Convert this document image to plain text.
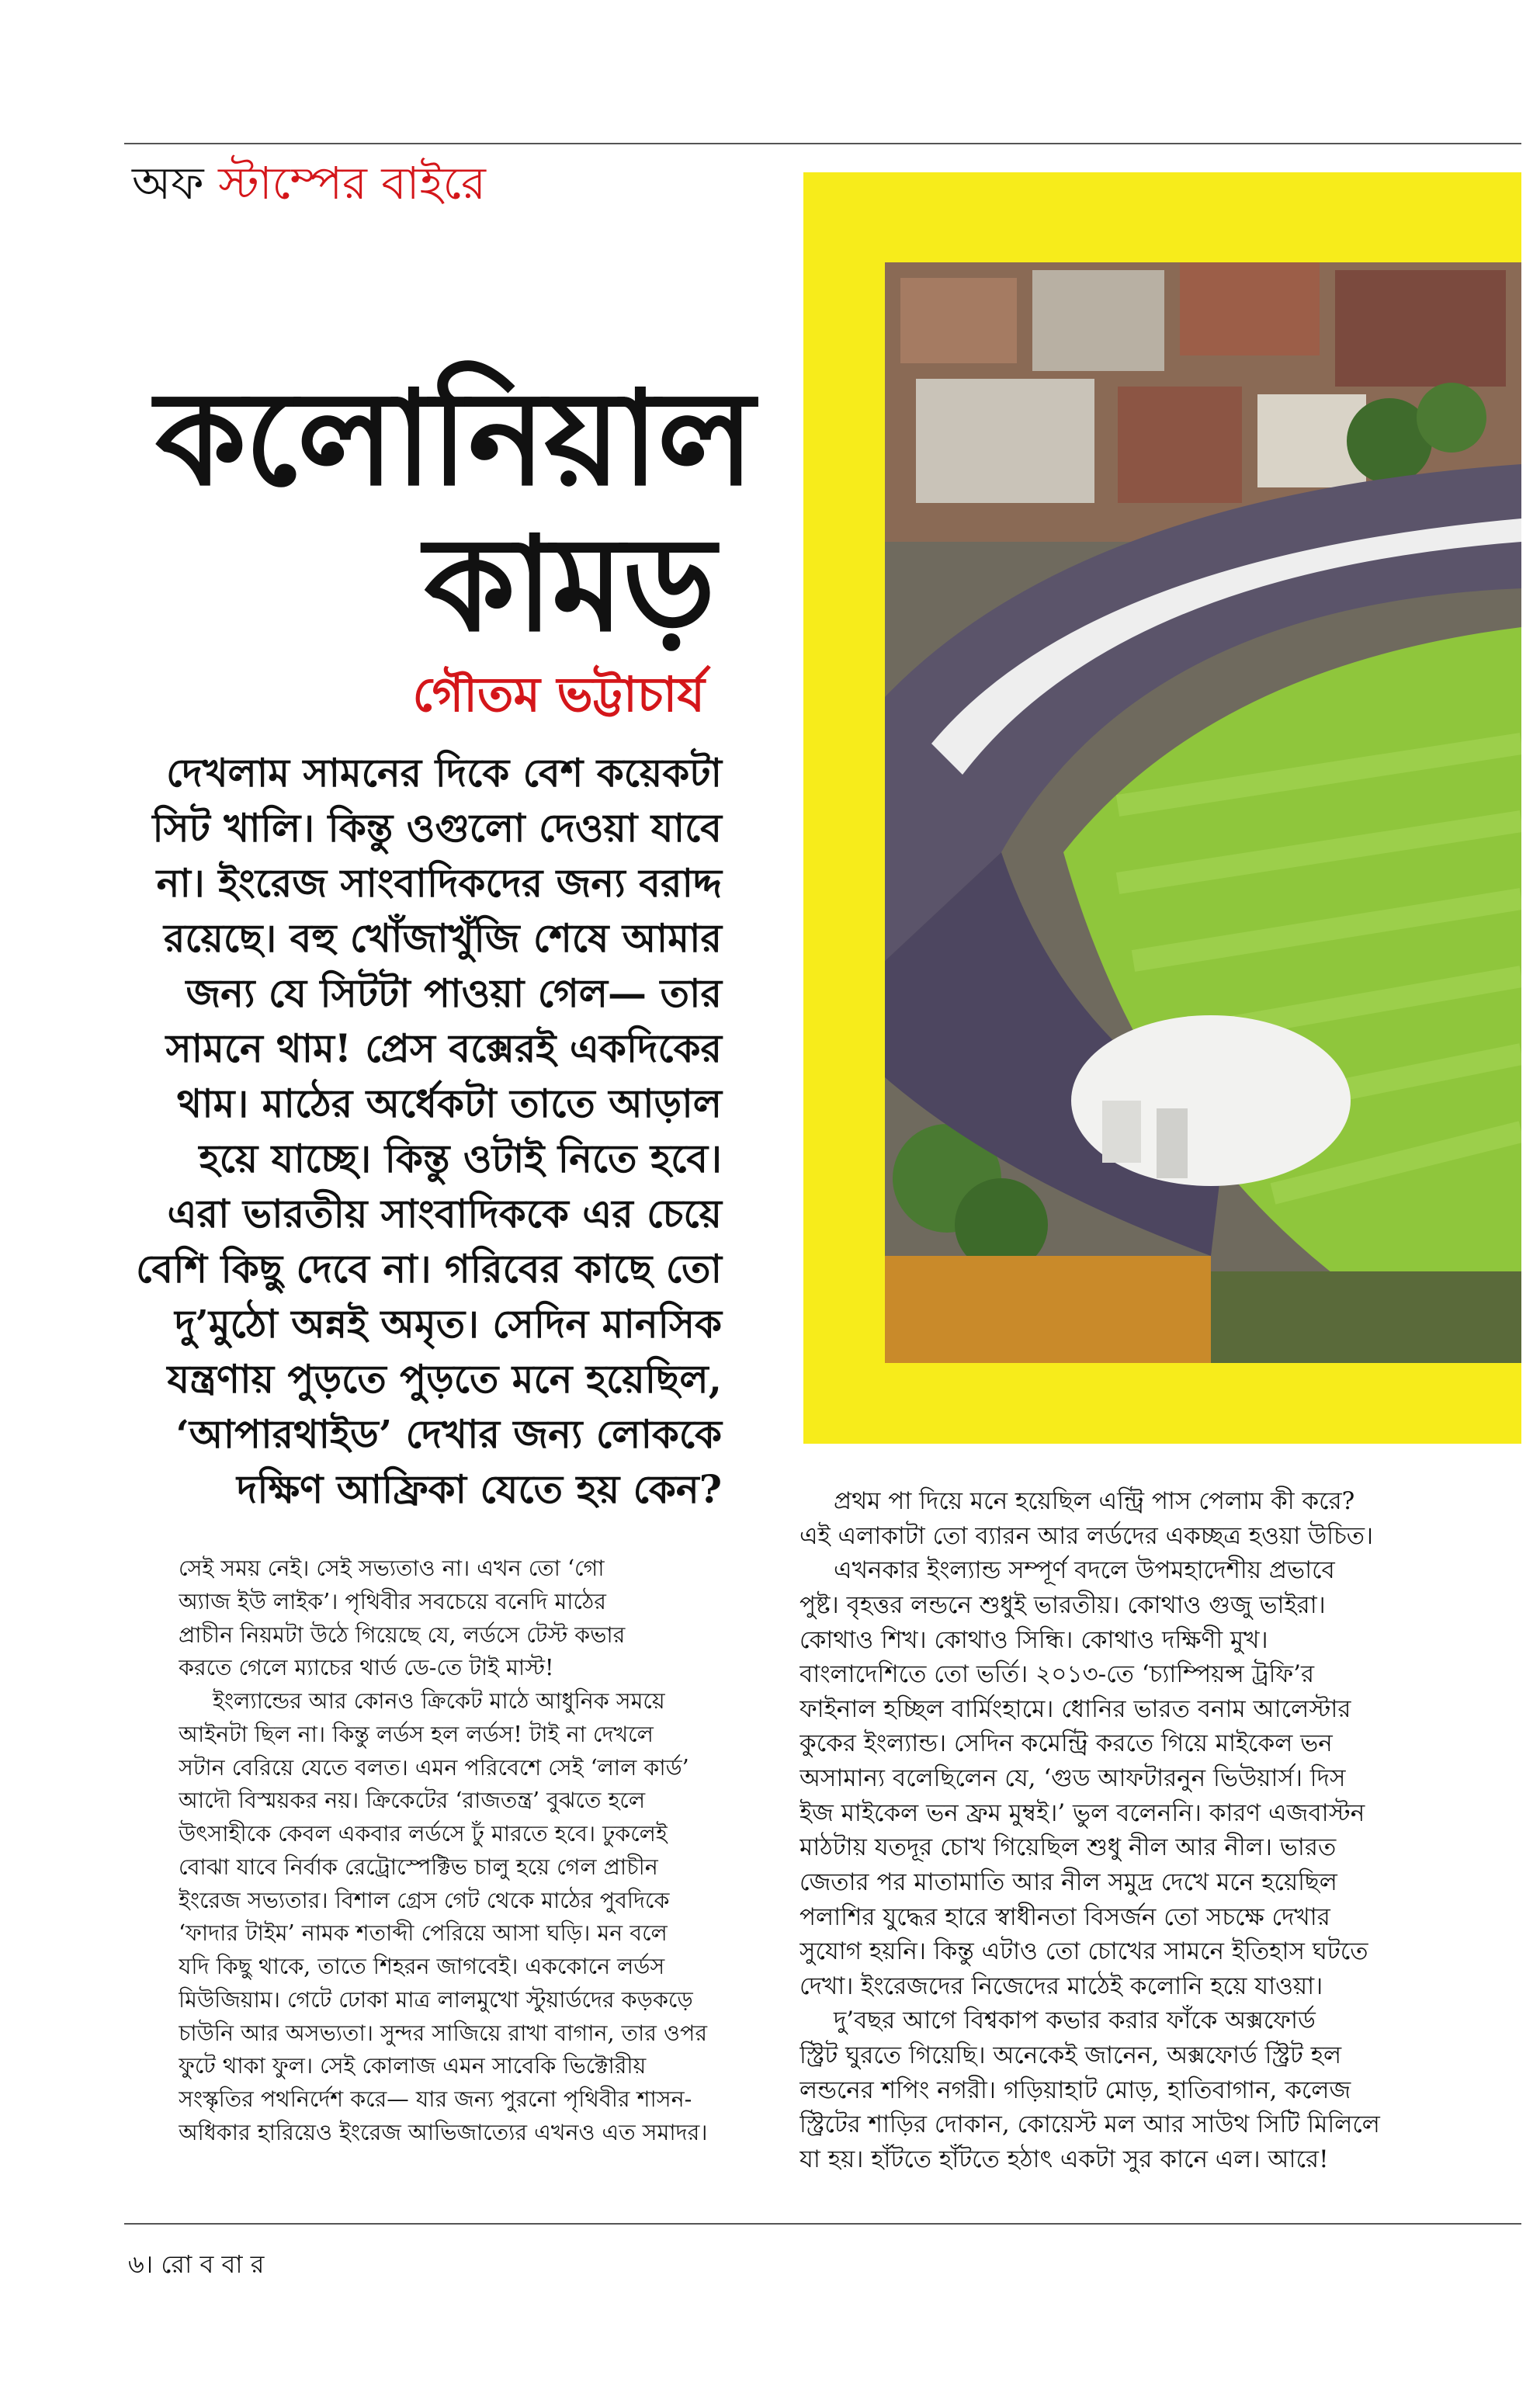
অফ স্টাম্পের বাইরে
কলোনিয়াল
কামড়
গৌতম ভট্টাচার্য
দেখলাম সামনের দিকে বেশ কয়েকটা
সিট খালি। কিন্তু ওগুলো দেওয়া যাবে
না। ইংরেজ সাংবাদিকদের জন্য বরাদ্দ
রয়েছে। বহু খোঁজাখুঁজি শেষে আমার
জন্য যে সিটটা পাওয়া গেল— তার
সামনে থাম! প্রেস বক্সেরই একদিকের
থাম। মাঠের অর্ধেকটা তাতে আড়াল
হয়ে যাচ্ছে। কিন্তু ওটাই নিতে হবে।
এরা ভারতীয় সাংবাদিককে এর চেয়ে
বেশি কিছু দেবে না। গরিবের কাছে তো
দু’মুঠো অন্নই অমৃত। সেদিন মানসিক
যন্ত্রণায় পুড়তে পুড়তে মনে হয়েছিল,
‘আপারথাইড’ দেখার জন্য লোককে
দক্ষিণ আফ্রিকা যেতে হয় কেন?
সেই সময় নেই। সেই সভ্যতাও না। এখন তো ‘গো
অ্যাজ ইউ লাইক’। পৃথিবীর সবচেয়ে বনেদি মাঠের
প্রাচীন নিয়মটা উঠে গিয়েছে যে, লর্ডসে টেস্ট কভার
করতে গেলে ম্যাচের থার্ড ডে-তে টাই মাস্ট!
ইংল্যান্ডের আর কোনও ক্রিকেট মাঠে আধুনিক সময়ে
আইনটা ছিল না। কিন্তু লর্ডস হল লর্ডস! টাই না দেখলে
সটান বেরিয়ে যেতে বলত। এমন পরিবেশে সেই ‘লাল কার্ড’
আদৌ বিস্ময়কর নয়। ক্রিকেটের ‘রাজতন্ত্র’ বুঝতে হলে
উৎসাহীকে কেবল একবার লর্ডসে ঢুঁ মারতে হবে। ঢুকলেই
বোঝা যাবে নির্বাক রেট্রোস্পেক্টিভ চালু হয়ে গেল প্রাচীন
ইংরেজ সভ্যতার। বিশাল গ্রেস গেট থেকে মাঠের পুবদিকে
‘ফাদার টাইম’ নামক শতাব্দী পেরিয়ে আসা ঘড়ি। মন বলে
যদি কিছু থাকে, তাতে শিহরন জাগবেই। এককোনে লর্ডস
মিউজিয়াম। গেটে ঢোকা মাত্র লালমুখো স্টুয়ার্ডদের কড়কড়ে
চাউনি আর অসভ্যতা। সুন্দর সাজিয়ে রাখা বাগান, তার ওপর
ফুটে থাকা ফুল। সেই কোলাজ এমন সাবেকি ভিক্টোরীয়
সংস্কৃতির পথনির্দেশ করে— যার জন্য পুরনো পৃথিবীর শাসন-
অধিকার হারিয়েও ইংরেজ আভিজাত্যের এখনও এত সমাদর।
প্রথম পা দিয়ে মনে হয়েছিল এন্ট্রি পাস পেলাম কী করে?
এই এলাকাটা তো ব্যারন আর লর্ডদের একচ্ছত্র হওয়া উচিত।
এখনকার ইংল্যান্ড সম্পূর্ণ বদলে উপমহাদেশীয় প্রভাবে
পুষ্ট। বৃহত্তর লন্ডনে শুধুই ভারতীয়। কোথাও গুজু ভাইরা।
কোথাও শিখ। কোথাও সিন্ধি। কোথাও দক্ষিণী মুখ।
বাংলাদেশিতে তো ভর্তি। ২০১৩-তে ‘চ্যাম্পিয়ন্স ট্রফি’র
ফাইনাল হচ্ছিল বার্মিংহামে। ধোনির ভারত বনাম আলেস্টার
কুকের ইংল্যান্ড। সেদিন কমেন্ট্রি করতে গিয়ে মাইকেল ভন
অসামান্য বলেছিলেন যে, ‘গুড আফটারনুন ভিউয়ার্স। দিস
ইজ মাইকেল ভন ফ্রম মুম্বই।’ ভুল বলেননি। কারণ এজবাস্টন
মাঠটায় যতদূর চোখ গিয়েছিল শুধু নীল আর নীল। ভারত
জেতার পর মাতামাতি আর নীল সমুদ্র দেখে মনে হয়েছিল
পলাশির যুদ্ধের হারে স্বাধীনতা বিসর্জন তো সচক্ষে দেখার
সুযোগ হয়নি। কিন্তু এটাও তো চোখের সামনে ইতিহাস ঘটতে
দেখা। ইংরেজদের নিজেদের মাঠেই কলোনি হয়ে যাওয়া।
দু’বছর আগে বিশ্বকাপ কভার করার ফাঁকে অক্সফোর্ড
স্ট্রিট ঘুরতে গিয়েছি। অনেকেই জানেন, অক্সফোর্ড স্ট্রিট হল
লন্ডনের শপিং নগরী। গড়িয়াহাট মোড়, হাতিবাগান, কলেজ
স্ট্রিটের শাড়ির দোকান, কোয়েস্ট মল আর সাউথ সিটি মিলিলে
যা হয়। হাঁটতে হাঁটতে হঠাৎ একটা সুর কানে এল। আরে!
৬। রো ব বা র
